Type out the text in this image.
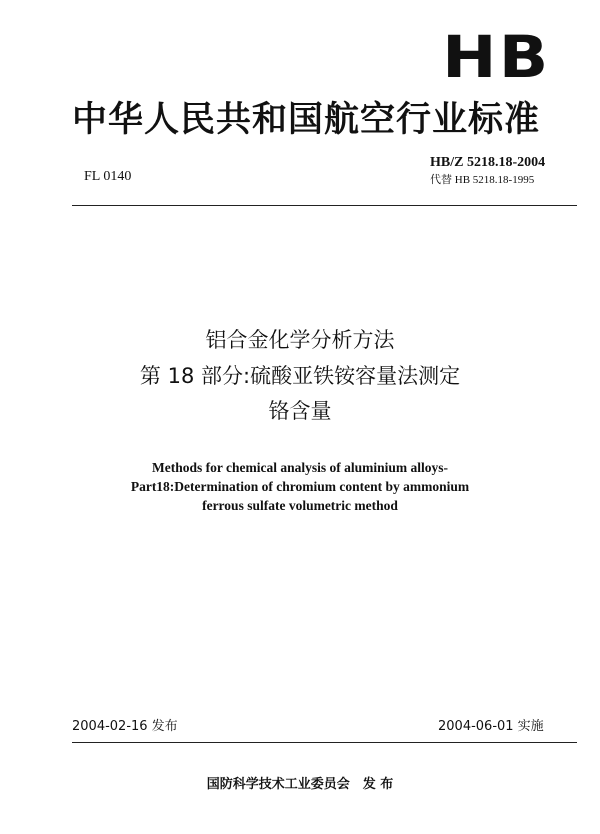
HB
中华人民共和国航空行业标准
FL 0140
HB/Z 5218.18-2004
代替 HB 5218.18-1995
铝合金化学分析方法
第 18 部分:硫酸亚铁铵容量法测定
铬含量
Methods for chemical analysis of aluminium alloys-
Part18:Determination of chromium content by ammonium
ferrous sulfate volumetric method
2004-02-16 发布	2004-06-01 实施
国防科学技术工业委员会　发 布
